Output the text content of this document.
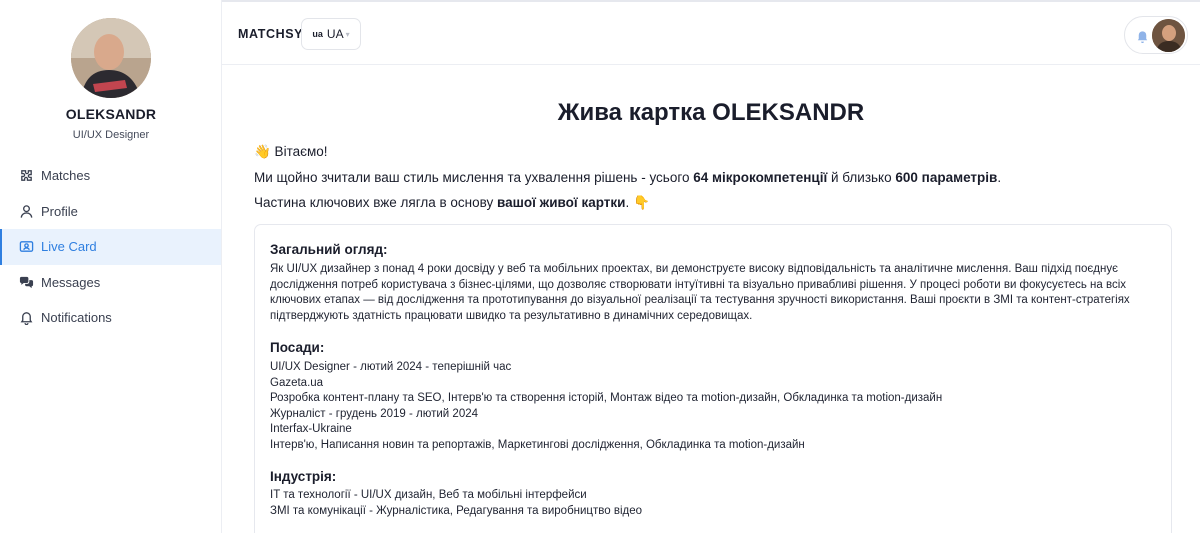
OLEKSANDR
UI/UX Designer
Matches
Profile
Live Card
Messages
Notifications
MATCHSY ua UA ▾
Жива картка OLEKSANDR
👋 Вітаємо!
Ми щойно зчитали ваш стиль мислення та ухвалення рішень - усього 64 мікрокомпетенції й близько 600 параметрів.
Частина ключових вже лягла в основу вашої живої картки. 👇
Загальний огляд:
Як UI/UX дизайнер з понад 4 роки досвіду у веб та мобільних проектах, ви демонструєте високу відповідальність та аналітичне мислення. Ваш підхід поєднує дослідження потреб користувача з бізнес-цілями, що дозволяє створювати інтуїтивні та візуально привабливі рішення. У процесі роботи ви фокусуєтесь на всіх ключових етапах — від дослідження та прототипування до візуальної реалізації та тестування зручності використання. Ваші проєкти в ЗМІ та контент-стратегіях підтверджують здатність працювати швидко та результативно в динамічних середовищах.
Посади:
UI/UX Designer - лютий 2024 - теперішній час
Gazeta.ua
Розробка контент-плану та SEO, Інтерв'ю та створення історій, Монтаж відео та motion-дизайн, Обкладинка та motion-дизайн
Журналіст - грудень 2019 - лютий 2024
Interfax-Ukraine
Інтерв'ю, Написання новин та репортажів, Маркетингові дослідження, Обкладинка та motion-дизайн
Індустрія:
IT та технології - UI/UX дизайн, Веб та мобільні інтерфейси
ЗМІ та комунікації - Журналістика, Редагування та виробництво відео
